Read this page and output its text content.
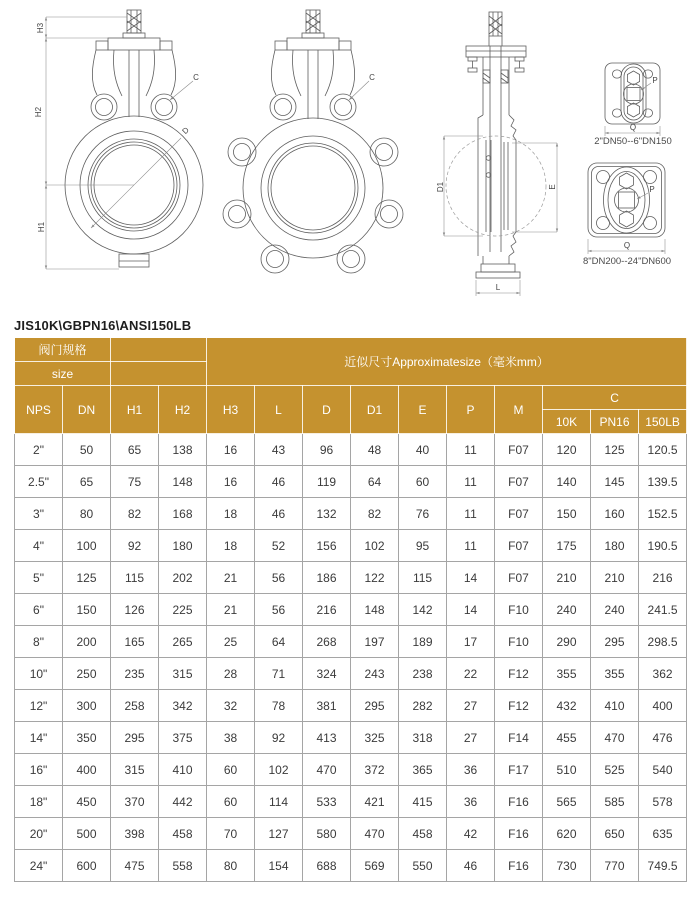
H3
H2
H1
C
D
C
D1	E
L
P
Q
2"DN50--6"DN150
P
Q
8"DN200--24"DN600
JIS10K\GBPN16\ANSI150LB
阀门规格				近似尺寸Approximatesize（毫米mm）									
size													
NPS	DN	H1	H2	H3	L	D	D1	E	P	M	C		
											10K	PN16	150LB
2"	50	65	138	16	43	96	48	40	11	F07	120	125	120.5
2.5"	65	75	148	16	46	119	64	60	11	F07	140	145	139.5
3"	80	82	168	18	46	132	82	76	11	F07	150	160	152.5
4"	100	92	180	18	52	156	102	95	11	F07	175	180	190.5
5"	125	115	202	21	56	186	122	115	14	F07	210	210	216
6"	150	126	225	21	56	216	148	142	14	F10	240	240	241.5
8"	200	165	265	25	64	268	197	189	17	F10	290	295	298.5
10"	250	235	315	28	71	324	243	238	22	F12	355	355	362
12"	300	258	342	32	78	381	295	282	27	F12	432	410	400
14"	350	295	375	38	92	413	325	318	27	F14	455	470	476
16"	400	315	410	60	102	470	372	365	36	F17	510	525	540
18"	450	370	442	60	114	533	421	415	36	F16	565	585	578
20"	500	398	458	70	127	580	470	458	42	F16	620	650	635
24"	600	475	558	80	154	688	569	550	46	F16	730	770	749.5
